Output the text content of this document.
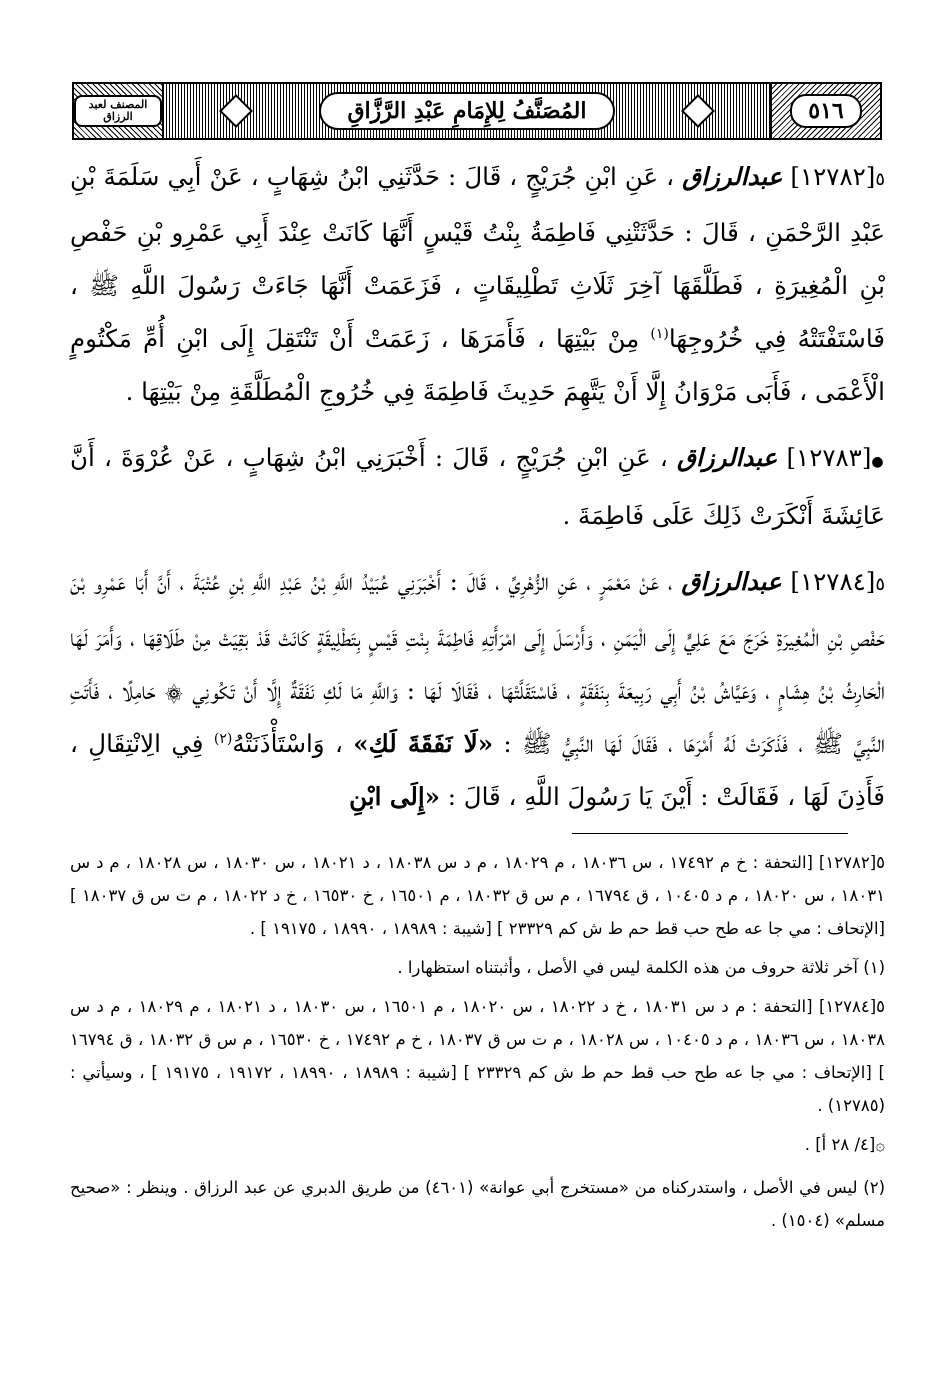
المصنف لعبد الرزاق	المُصَنَّفُ لِلإِمَامِ عَبْدِ الرَّزَّاقِ	٥١٦

٥[١٢٧٨٢] عبدالرزاق ، عَنِ ابْنِ جُرَيْجٍ ، قَالَ : حَدَّثَنِي ابْنُ شِهَابٍ ، عَنْ أَبِي سَلَمَةَ بْنِ عَبْدِ الرَّحْمَنِ ، قَالَ : حَدَّثَتْنِي فَاطِمَةُ بِنْتُ قَيْسٍ أَنَّهَا كَانَتْ عِنْدَ أَبِي عَمْرِو بْنِ حَفْصِ بْنِ الْمُغِيرَةِ ، فَطَلَّقَهَا آخِرَ ثَلَاثِ تَطْلِيقَاتٍ ، فَزَعَمَتْ أَنَّهَا جَاءَتْ رَسُولَ اللَّهِ ﷺ ، فَاسْتَفْتَتْهُ فِي خُرُوجِهَا$^{(١)}$ مِنْ بَيْتِهَا ، فَأَمَرَهَا ، زَعَمَتْ أَنْ تَنْتَقِلَ إِلَى ابْنِ أُمِّ مَكْتُومٍ الْأَعْمَى ، فَأَبَى مَرْوَانُ إِلَّا أَنْ يَتَّهِمَ حَدِيثَ فَاطِمَةَ فِي خُرُوجِ الْمُطَلَّقَةِ مِنْ بَيْتِهَا .

●[١٢٧٨٣] عبدالرزاق ، عَنِ ابْنِ جُرَيْجٍ ، قَالَ : أَخْبَرَنِي ابْنُ شِهَابٍ ، عَنْ عُرْوَةَ ، أَنَّ عَائِشَةَ أَنْكَرَتْ ذَلِكَ عَلَى فَاطِمَةَ .

٥[١٢٧٨٤] عبدالرزاق ، عَنْ مَعْمَرٍ ، عَنِ الزُّهْرِيِّ ، قَالَ : أَخْبَرَنِي عُبَيْدُ اللَّهِ بْنُ عَبْدِ اللَّهِ بْنِ عُتْبَةَ ، أَنَّ أَبَا عَمْرِو بْنَ حَفْصِ بْنِ الْمُغِيرَةِ خَرَجَ مَعَ عَلِيٍّ إِلَى الْيَمَنِ ، وَأَرْسَلَ إِلَى امْرَأَتِهِ فَاطِمَةَ بِنْتِ قَيْسٍ بِتَطْلِيقَةٍ كَانَتْ قَدْ بَقِيَتْ مِنْ طَلَاقِهَا ، وَأَمَرَ لَهَا الْحَارِثُ بْنُ هِشَامٍ ، وَعَيَّاشُ بْنُ أَبِي رَبِيعَةَ بِنَفَقَةٍ ، فَاسْتَقَلَّتْهَا ، فَقَالَا لَهَا : وَاللَّهِ مَا لَكِ نَفَقَةٌ إِلَّا أَنْ تَكُونِي ۞ حَامِلًا ، فَأَتَتِ النَّبِيَّ ﷺ ، فَذَكَرَتْ لَهُ أَمْرَهَا ، فَقَالَ لَهَا النَّبِيُّ ﷺ : «لَا نَفَقَةَ لَكِ» ، وَاسْتَأْذَنَتْهُ$^{(٢)}$ فِي الِانْتِقَالِ ، فَأَذِنَ لَهَا ، فَقَالَتْ : أَيْنَ يَا رَسُولَ اللَّهِ ، قَالَ : «إِلَى ابْنِ

٥[١٢٧٨٢] [التحفة : خ م ١٧٤٩٢ ، س ١٨٠٣٦ ، م ١٨٠٢٩ ، م د س ١٨٠٣٨ ، د ١٨٠٢١ ، س ١٨٠٣٠ ، س ١٨٠٢٨ ، م د س ١٨٠٣١ ، س ١٨٠٢٠ ، م د ١٠٤٠٥ ، ق ١٦٧٩٤ ، م س ق ١٨٠٣٢ ، م ١٦٥٠١ ، خ ١٦٥٣٠ ، خ د ١٨٠٢٢ ، م ت س ق ١٨٠٣٧ ] [الإتحاف : مي جا عه طح حب قط حم ط ش كم ٢٣٣٢٩ ] [شيبة : ١٨٩٨٩ ، ١٨٩٩٠ ، ١٩١٧٥ ] .

(١) آخر ثلاثة حروف من هذه الكلمة ليس في الأصل ، وأثبتناه استظهارا .

٥[١٢٧٨٤] [التحفة : م د س ١٨٠٣١ ، خ د ١٨٠٢٢ ، س ١٨٠٢٠ ، م ١٦٥٠١ ، س ١٨٠٣٠ ، د ١٨٠٢١ ، م ١٨٠٢٩ ، م د س ١٨٠٣٨ ، س ١٨٠٣٦ ، م د ١٠٤٠٥ ، س ١٨٠٢٨ ، م ت س ق ١٨٠٣٧ ، خ م ١٧٤٩٢ ، خ ١٦٥٣٠ ، م س ق ١٨٠٣٢ ، ق ١٦٧٩٤ ] [الإتحاف : مي جا عه طح حب قط حم ط ش كم ٢٣٣٢٩ ] [شيبة : ١٨٩٨٩ ، ١٨٩٩٠ ، ١٩١٧٢ ، ١٩١٧٥ ] ، وسيأتي : (١٢٧٨٥) .

۞[٤/ ٢٨ أ] .

(٢) ليس في الأصل ، واستدركناه من «مستخرج أبي عوانة» (٤٦٠١) من طريق الدبري عن عبد الرزاق . وينظر : «صحيح مسلم» (١٥٠٤) .
